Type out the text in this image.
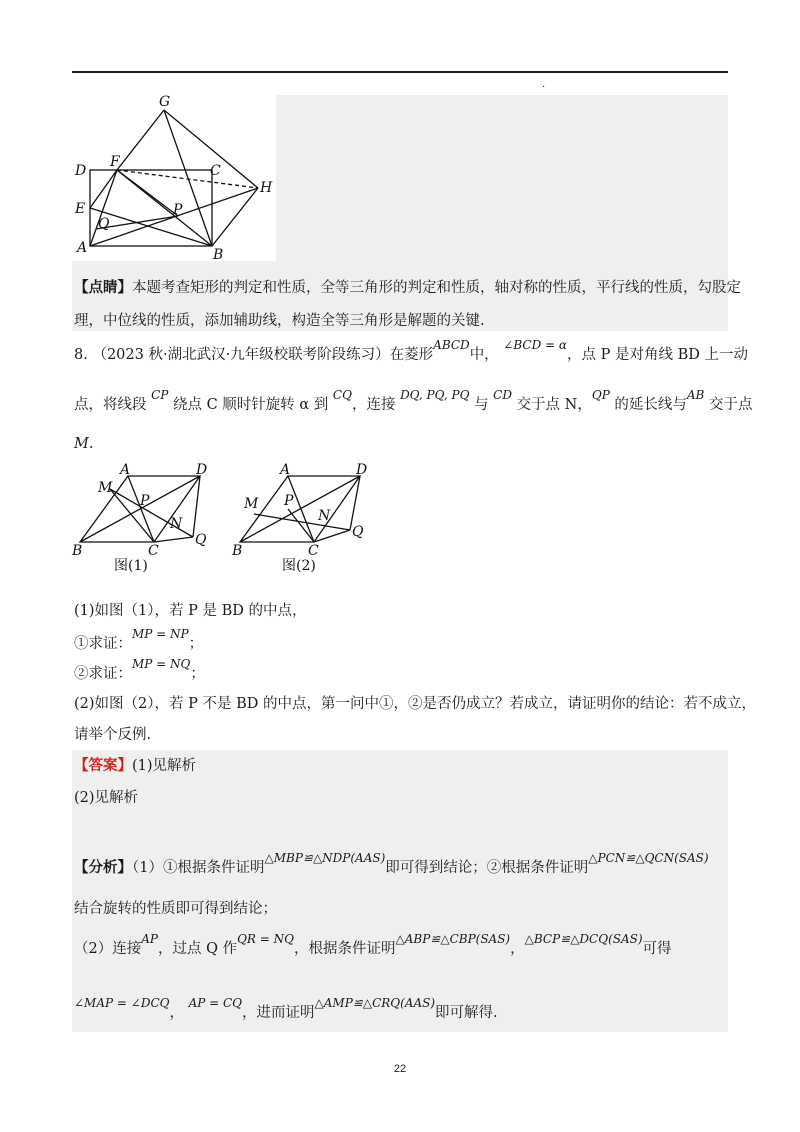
·
G
D
F
C
H
E	P
Q
A	B
【点睛】本题考查矩形的判定和性质，全等三角形的判定和性质，轴对称的性质，平行线的性质，勾股定
理，中位线的性质，添加辅助线，构造全等三角形是解题的关键.
8. （2023 秋·湖北武汉·九年级校联考阶段练习）在菱形$^{ABCD}$中， $^{\angle BCD = \alpha}$，点 P 是对角线 BD 上一动
点，将线段 $^{CP}$ 绕点 C 顺时针旋转 α 到 $^{CQ}$，连接 $^{DQ, PQ, PQ}$ 与 $^{CD}$ 交于点 N，$^{QP}$ 的延长线与$^{AB}$ 交于点
M.
A	D
M
P
N
B	C
Q
图(1)
A	D
M P
N
B	C
Q
图(2)
(1)如图（1），若 P 是 BD 的中点，
①求证：$^{MP = NP}$；
②求证：$^{MP = NQ}$；
(2)如图（2），若 P 不是 BD 的中点，第一问中①，②是否仍成立？若成立，请证明你的结论：若不成立，
请举个反例.
【答案】(1)见解析
(2)见解析
【分析】（1）①根据条件证明$^{\triangle MBP≌\triangle NDP(AAS)}$即可得到结论；②根据条件证明$^{\triangle PCN≌\triangle QCN(SAS)}$
结合旋转的性质即可得到结论；
（2）连接$^{AP}$，过点 Q 作$^{QR = NQ}$，根据条件证明$^{\triangle ABP≌\triangle CBP(SAS)}$，$^{\triangle BCP≌\triangle DCQ(SAS)}$可得
$^{\angle MAP = \angle DCQ}$， $^{AP = CQ}$，进而证明$^{\triangle AMP≌\triangle CRQ(AAS)}$即可解得.
22
